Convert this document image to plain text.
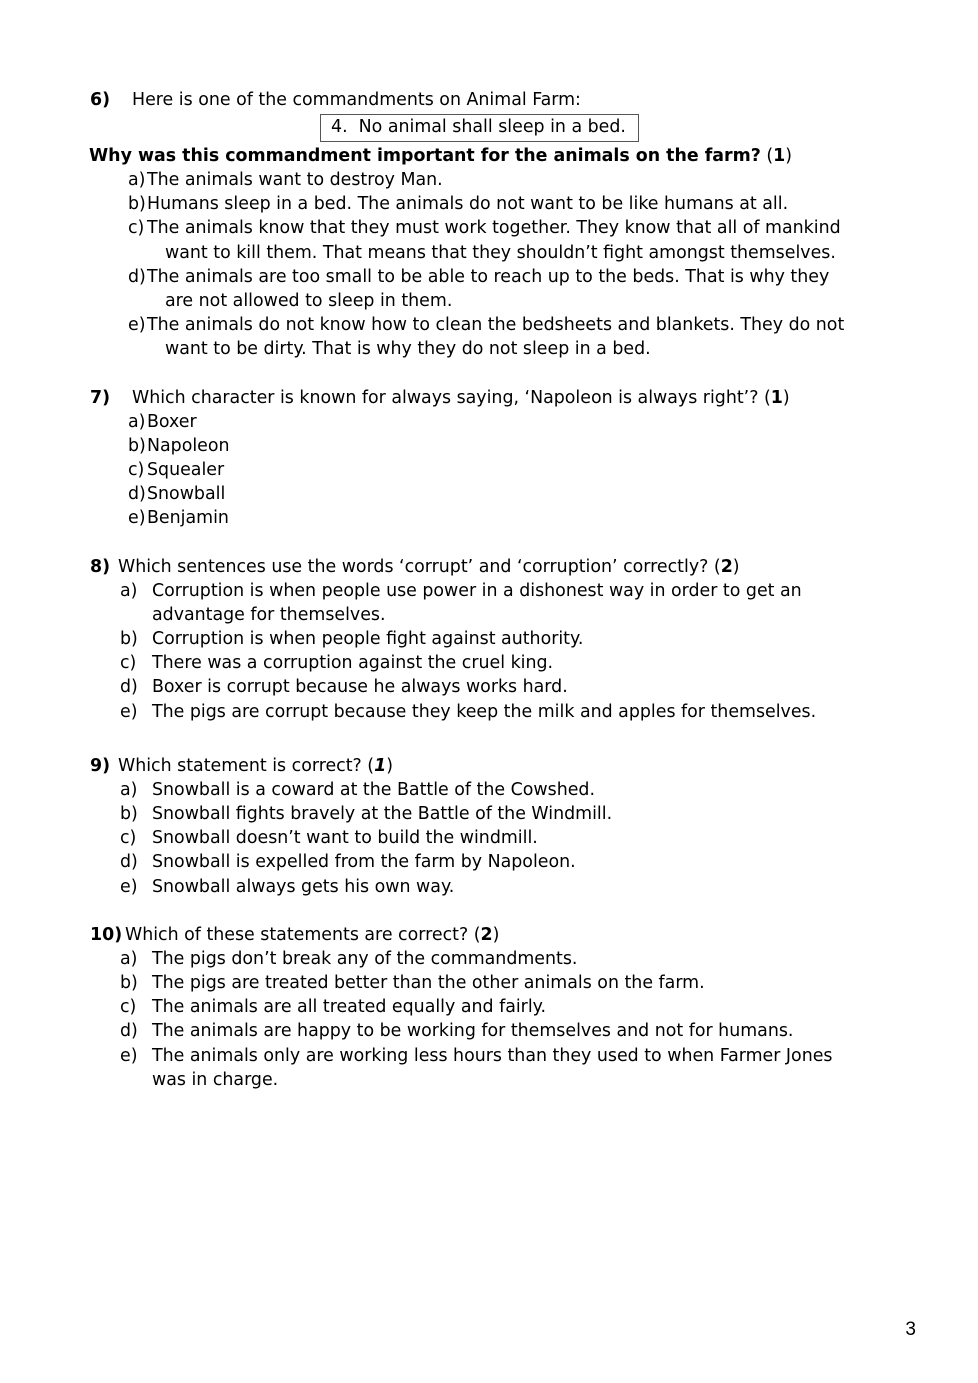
6)	Here is one of the commandments on Animal Farm:
4.  No animal shall sleep in a bed.
Why was this commandment important for the animals on the farm? (1)
a) The animals want to destroy Man.
b) Humans sleep in a bed. The animals do not want to be like humans at all.
c) The animals know that they must work together. They know that all of mankind
want to kill them. That means that they shouldn’t fight amongst themselves.
d) The animals are too small to be able to reach up to the beds. That is why they
are not allowed to sleep in them.
e) The animals do not know how to clean the bedsheets and blankets. They do not
want to be dirty. That is why they do not sleep in a bed.
7)	Which character is known for always saying, ‘Napoleon is always right’? (1)
a) Boxer
b) Napoleon
c) Squealer
d) Snowball
e) Benjamin
8) Which sentences use the words ‘corrupt’ and ‘corruption’ correctly? (2)
a) Corruption is when people use power in a dishonest way in order to get an
advantage for themselves.
b) Corruption is when people fight against authority.
c) There was a corruption against the cruel king.
d) Boxer is corrupt because he always works hard.
e) The pigs are corrupt because they keep the milk and apples for themselves.
9) Which statement is correct? (1)
a) Snowball is a coward at the Battle of the Cowshed.
b) Snowball fights bravely at the Battle of the Windmill.
c) Snowball doesn’t want to build the windmill.
d) Snowball is expelled from the farm by Napoleon.
e) Snowball always gets his own way.
10) Which of these statements are correct? (2)
a) The pigs don’t break any of the commandments.
b) The pigs are treated better than the other animals on the farm.
c) The animals are all treated equally and fairly.
d) The animals are happy to be working for themselves and not for humans.
e) The animals only are working less hours than they used to when Farmer Jones
was in charge.
3
